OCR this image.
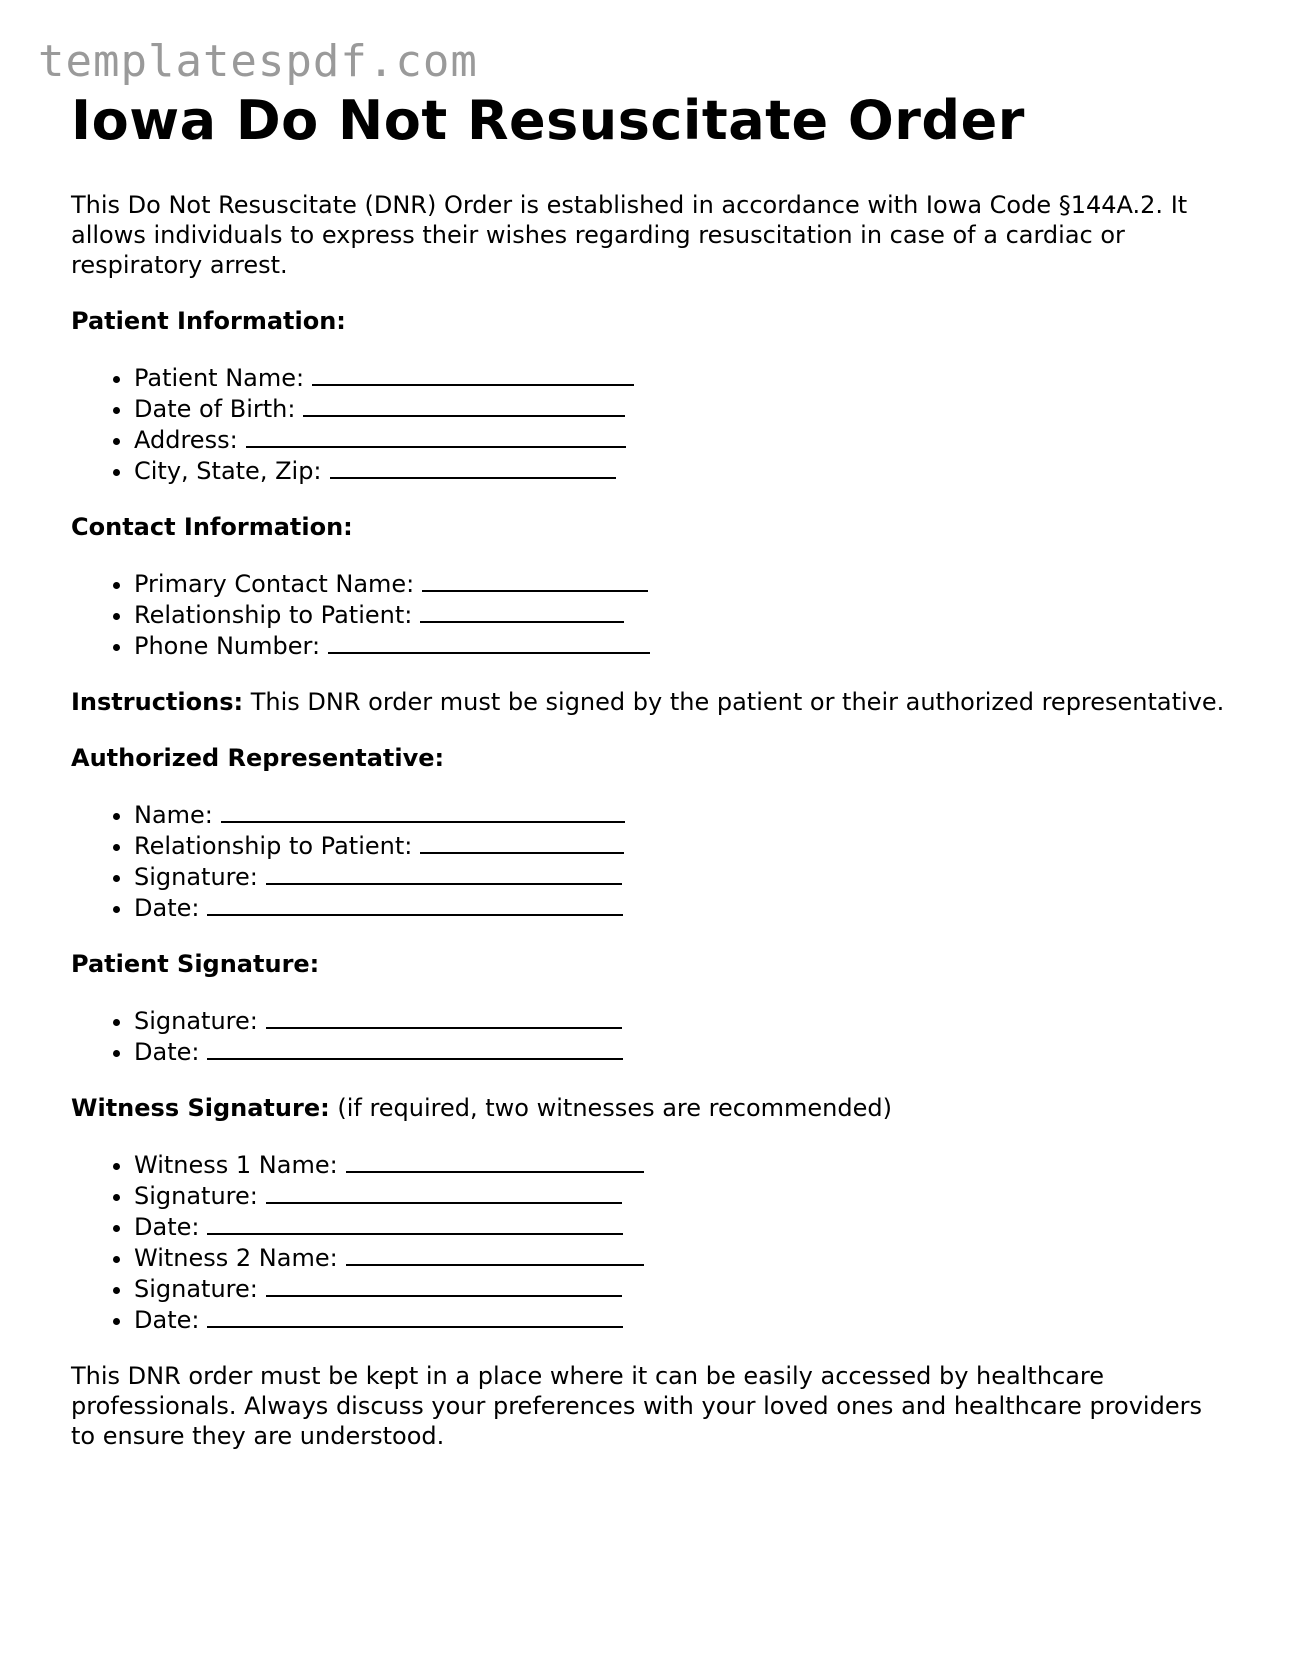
templatespdf.com
Iowa Do Not Resuscitate Order

This Do Not Resuscitate (DNR) Order is established in accordance with Iowa Code §144A.2. It allows individuals to express their wishes regarding resuscitation in case of a cardiac or respiratory arrest.

Patient Information:

• Patient Name:
• Date of Birth:
• Address:
• City, State, Zip:

Contact Information:

• Primary Contact Name:
• Relationship to Patient:
• Phone Number:

Instructions: This DNR order must be signed by the patient or their authorized representative.

Authorized Representative:

• Name:
• Relationship to Patient:
• Signature:
• Date:

Patient Signature:

• Signature:
• Date:

Witness Signature: (if required, two witnesses are recommended)

• Witness 1 Name:
• Signature:
• Date:
• Witness 2 Name:
• Signature:
• Date:

This DNR order must be kept in a place where it can be easily accessed by healthcare professionals. Always discuss your preferences with your loved ones and healthcare providers to ensure they are understood.
